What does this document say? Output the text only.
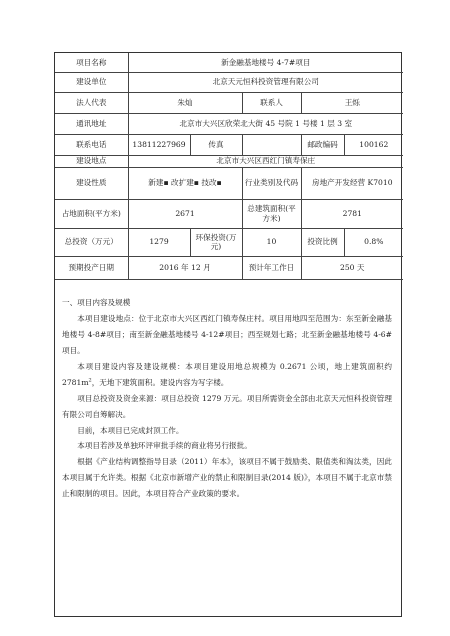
项目名称	新金融基地楼号 4-7#项目				
建设单位	北京天元恒科投资管理有限公司				
法人代表	朱灿		联系人	王烁	
通讯地址	北京市大兴区欣荣北大街 45 号院 1 号楼 1 层 3 室				
联系电话	13811227969	传真		邮政编码	100162
建设地点	北京市大兴区西红门镇寿保庄				
建设性质	新建▪ 改扩建▪ 技改▪		行业类别及代码	房地产开发经营 K7010	
占地面积(平方米)	2671		总建筑面积(平方米)	2781	
总投资（万元）	1279	环保投资(万元)	10	投资比例	0.8%
预期投产日期	2016 年 12 月		预计年工作日	250 天	

一、项目内容及规模

本项目建设地点：位于北京市大兴区西红门镇寿保庄村。项目用地四至范围为：东至新金融基地楼号 4-8#项目；南至新金融基地楼号 4-12#项目；西至规划七路；北至新金融基地楼号 4-6#项目。

本项目建设内容及建设规模：本项目建设用地总规模为 0.2671 公顷，地上建筑面积约 $2781m^2$，无地下建筑面积。建设内容为写字楼。

项目总投资及资金来源：项目总投资 1279 万元。项目所需资金全部由北京天元恒科投资管理有限公司自筹解决。

目前，本项目已完成封顶工作。

本项目若涉及单独环评审批手续的商业将另行报批。

根据《产业结构调整指导目录（2011）年本》，该项目不属于鼓励类、限值类和淘汰类，因此本项目属于允许类。根据《北京市新增产业的禁止和限制目录(2014 版)》，本项目不属于北京市禁止和限制的项目。因此，本项目符合产业政策的要求。
